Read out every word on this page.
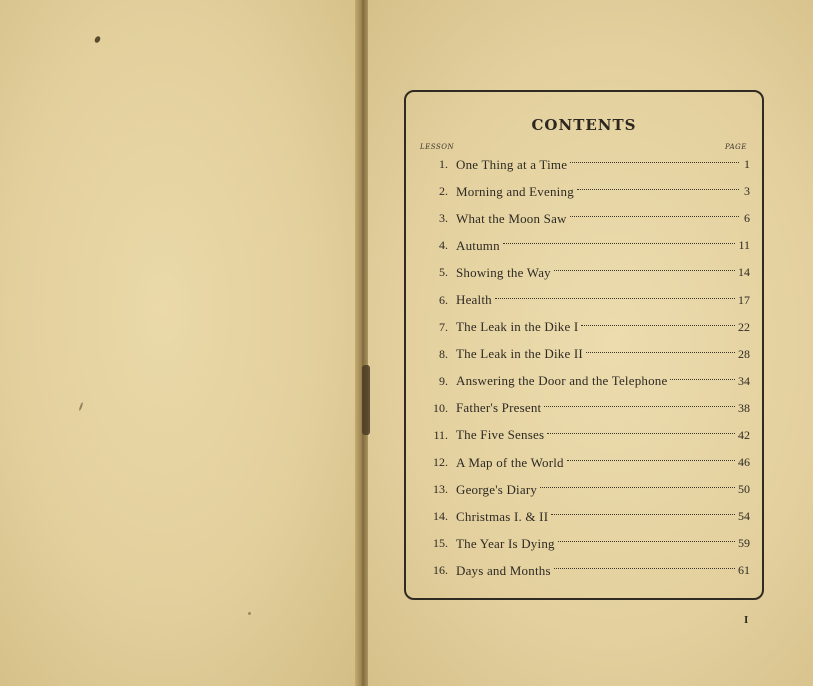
CONTENTS
LESSON	PAGE
1. One Thing at a Time	1
2. Morning and Evening	3
3. What the Moon Saw	6
4. Autumn	11
5. Showing the Way	14
6. Health	17
7. The Leak in the Dike I	22
8. The Leak in the Dike II	28
9. Answering the Door and the Telephone	34
10. Father's Present	38
11. The Five Senses	42
12. A Map of the World	46
13. George's Diary	50
14. Christmas I. & II	54
15. The Year Is Dying	59
16. Days and Months	61
I
